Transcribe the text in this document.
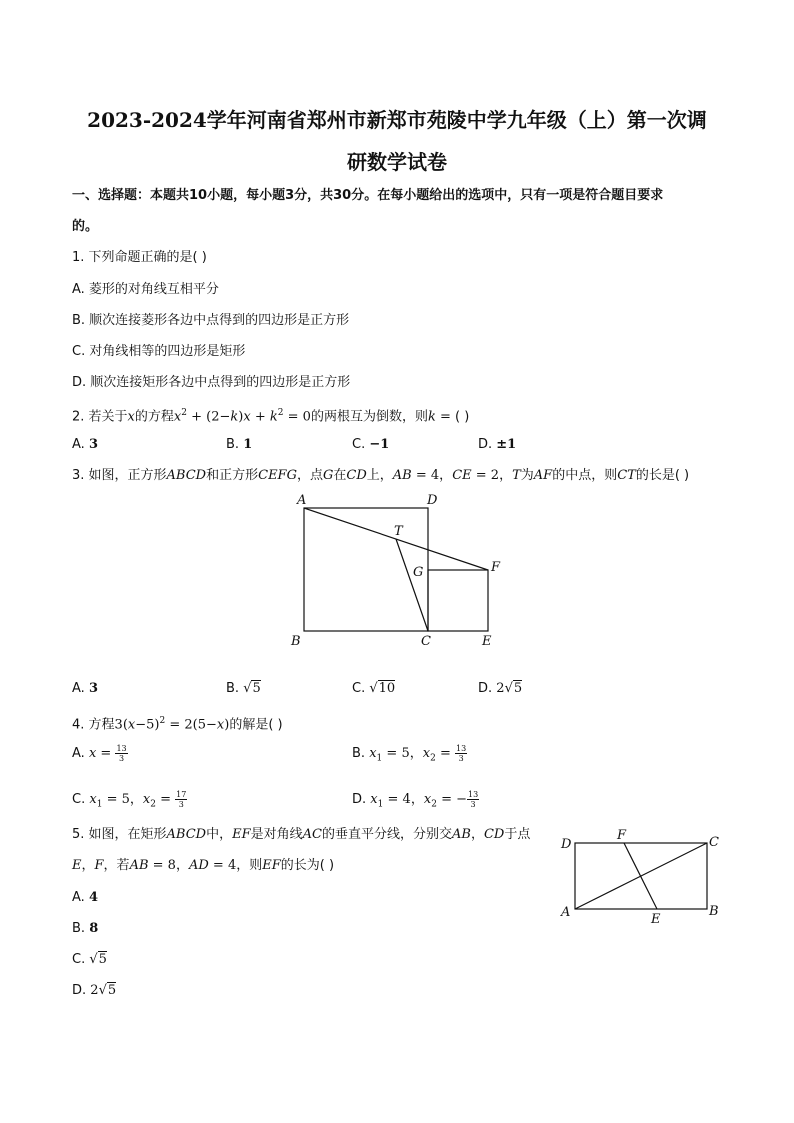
2023-2024学年河南省郑州市新郑市苑陵中学九年级（上）第一次调
研数学试卷
一、选择题：本题共10小题，每小题3分，共30分。在每小题给出的选项中，只有一项是符合题目要求
的。
1. 下列命题正确的是( )
A. 菱形的对角线互相平分
B. 顺次连接菱形各边中点得到的四边形是正方形
C. 对角线相等的四边形是矩形
D. 顺次连接矩形各边中点得到的四边形是正方形
2. 若关于x的方程$x^2 + (2-k)x + k^2 = 0$的两根互为倒数，则k = ( )
A. 3	B. 1	C. −1	D. ±1
3. 如图，正方形ABCD和正方形CEFG，点G在CD上，AB = 4，CE = 2，T为AF的中点，则CT的长是( )
A	D
T
G	F
B	C	E
A. 3	B. √5	C. √10	D. 2√5
4. 方程$3(x-5)^2 = 2(5-x)$的解是( )
A. $x = \frac{13}{3}$	B. $x_1 = 5$，$x_2 = \frac{13}{3}$
C. $x_1 = 5$，$x_2 = \frac{17}{3}$	D. $x_1 = 4$，$x_2$ = − $\frac{13}{3}$
5. 如图，在矩形ABCD中，EF是对角线AC的垂直平分线，分别交AB，CD于点
E，F，若AB = 8，AD = 4，则EF的长为( )
D
F	C
A	E
B
A. 4
B. 8
C. √5
D. 2√5
